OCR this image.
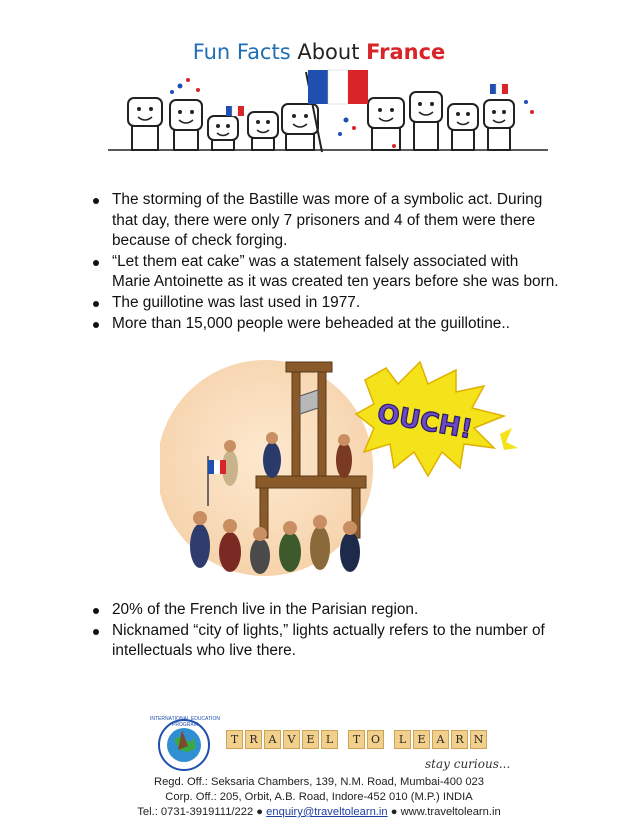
Fun Facts About France
The storming of the Bastille was more of a symbolic act. During
that day, there were only 7 prisoners and 4 of them were there
because of check forging.
“Let them eat cake” was a statement falsely associated with
Marie Antoinette as it was created ten years before she was born.
The guillotine was last used in 1977.
More than 15,000 people were beheaded at the guillotine..
OUCH!
20% of the French live in the Parisian region.
Nicknamed “city of lights,” lights actually refers to the number of
intellectuals who live there.
INTERNATIONAL EDUCATION PROGRAM
T	R A	V	E	L	T O	L	E	A R N
stay curious...
Regd. Off.: Seksaria Chambers, 139, N.M. Road, Mumbai-400 023
Corp. Off.: 205, Orbit, A.B. Road, Indore-452 010 (M.P.) INDIA
Tel.: 0731-3919111/222 ● enquiry@traveltolearn.in ● www.traveltolearn.in
